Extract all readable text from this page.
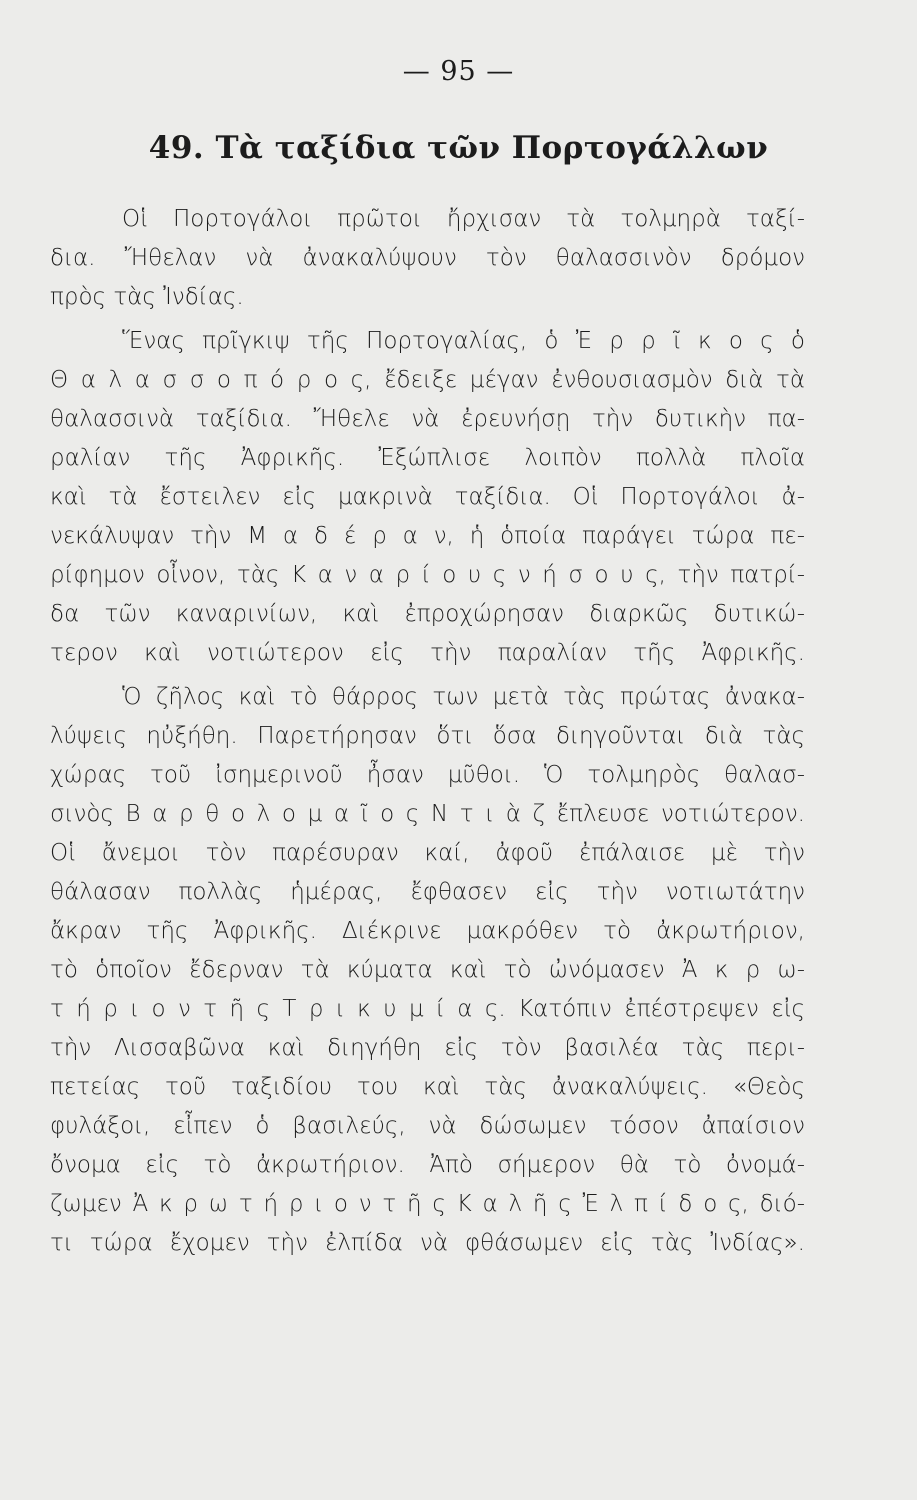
— 95 —
49. Τὰ ταξίδια τῶν Πορτογάλλων
Οἱ Πορτογάλοι πρῶτοι ἤρχισαν τὰ τολμηρὰ ταξί-
δια. Ἤθελαν νὰ ἀνακαλύψουν τὸν θαλασσινὸν δρόμον
πρὸς τὰς Ἰνδίας.
Ἕνας πρῖγκιψ τῆς Πορτογαλίας, ὁ Ἐ ρ ρ ῖ κ ο ς ὁ
Θ α λ α σ σ ο π ό ρ ο ς, ἔδειξε μέγαν ἐνθουσιασμὸν διὰ τὰ
θαλασσινὰ ταξίδια. Ἤθελε νὰ ἐρευνήσῃ τὴν δυτικὴν πα-
ραλίαν τῆς Ἀφρικῆς. Ἐξώπλισε λοιπὸν πολλὰ πλοῖα
καὶ τὰ ἔστειλεν εἰς μακρινὰ ταξίδια. Οἱ Πορτογάλοι ἀ-
νεκάλυψαν τὴν Μ α δ έ ρ α ν, ἡ ὁποία παράγει τώρα πε-
ρίφημον οἶνον, τὰς Κ α ν α ρ ί ο υ ς ν ή σ ο υ ς, τὴν πατρί-
δα τῶν καναρινίων, καὶ ἐπροχώρησαν διαρκῶς δυτικώ-
τερον καὶ νοτιώτερον εἰς τὴν παραλίαν τῆς Ἀφρικῆς.
Ὁ ζῆλος καὶ τὸ θάρρος των μετὰ τὰς πρώτας ἀνακα-
λύψεις ηὐξήθη. Παρετήρησαν ὅτι ὅσα διηγοῦνται διὰ τὰς
χώρας τοῦ ἰσημερινοῦ ἦσαν μῦθοι. Ὁ τολμηρὸς θαλασ-
σινὸς Β α ρ θ ο λ ο μ α ῖ ο ς Ν τ ι ὰ ζ ἔπλευσε νοτιώτερον.
Οἱ ἄνεμοι τὸν παρέσυραν καί, ἀφοῦ ἐπάλαισε μὲ τὴν
θάλασαν πολλὰς ἡμέρας, ἔφθασεν εἰς τὴν νοτιωτάτην
ἄκραν τῆς Ἀφρικῆς. Διέκρινε μακρόθεν τὸ ἀκρωτήριον,
τὸ ὁποῖον ἔδερναν τὰ κύματα καὶ τὸ ὠνόμασεν Ἀ κ ρ ω-
τ ή ρ ι ο ν τ ῆ ς Τ ρ ι κ υ μ ί α ς. Κατόπιν ἐπέστρεψεν εἰς
τὴν Λισσαβῶνα καὶ διηγήθη εἰς τὸν βασιλέα τὰς περι-
πετείας τοῦ ταξιδίου του καὶ τὰς ἀνακαλύψεις. «Θεὸς
φυλάξοι, εἶπεν ὁ βασιλεύς, νὰ δώσωμεν τόσον ἀπαίσιον
ὄνομα εἰς τὸ ἀκρωτήριον. Ἀπὸ σήμερον θὰ τὸ ὀνομά-
ζωμεν Ἀ κ ρ ω τ ή ρ ι ο ν τ ῆ ς Κ α λ ῆ ς Ἐ λ π ί δ ο ς, διό-
τι τώρα ἔχομεν τὴν ἐλπίδα νὰ φθάσωμεν εἰς τὰς Ἰνδίας».
